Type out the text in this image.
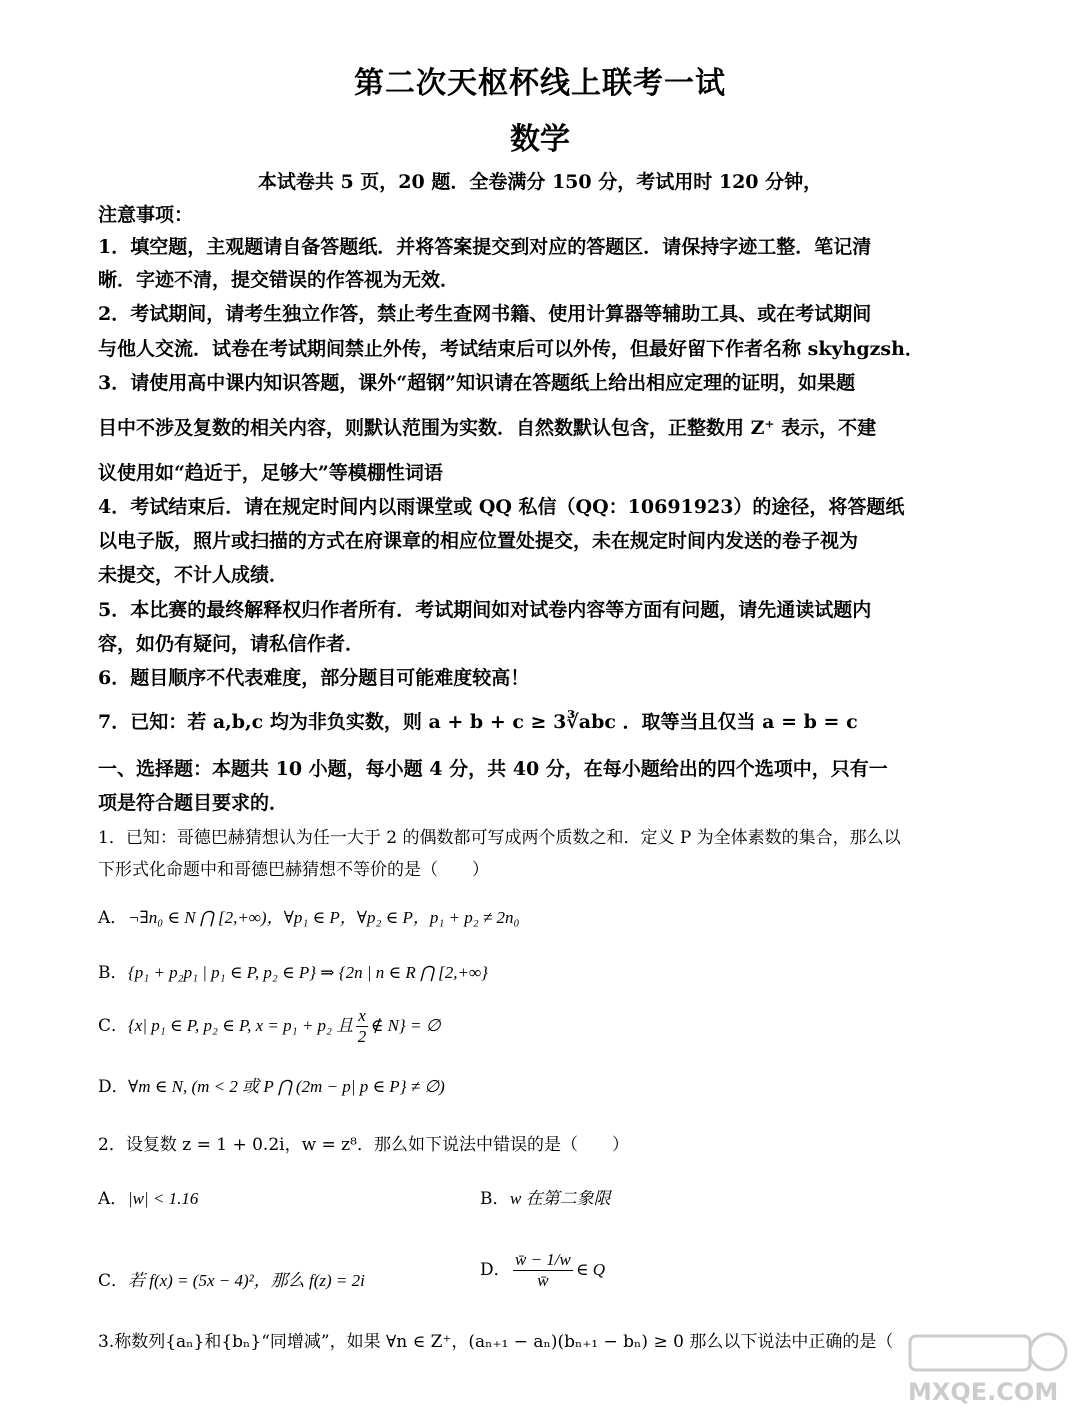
第二次天枢杯线上联考一试
数学
本试卷共 5 页，20 题．全卷满分 150 分，考试用时 120 分钟，
注意事项：
1．填空题，主观题请自备答题纸．并将答案提交到对应的答题区．请保持字迹工整．笔记清
晰．字迹不清，提交错误的作答视为无效．
2．考试期间，请考生独立作答，禁止考生查网书籍、使用计算器等辅助工具、或在考试期间
与他人交流．试卷在考试期间禁止外传，考试结束后可以外传，但最好留下作者名称 skyhgzsh．
3．请使用高中课内知识答题，课外“超钢”知识请在答题纸上给出相应定理的证明，如果题
目中不涉及复数的相关内容，则默认范围为实数．自然数默认包含，正整数用 Z⁺ 表示，不建
议使用如“趋近于，足够大”等模棚性词语
4．考试结束后．请在规定时间内以雨课堂或 QQ 私信（QQ：10691923）的途径，将答题纸
以电子版，照片或扫描的方式在府课章的相应位置处提交，未在规定时间内发送的卷子视为
未提交，不计人成绩．
5．本比赛的最终解释权归作者所有．考试期间如对试卷内容等方面有问题，请先通读试题内
容，如仍有疑问，请私信作者．
6．题目顺序不代表难度，部分题目可能难度较高！
7．已知：若 a,b,c 均为非负实数，则 a + b + c ≥ 3∛abc ．取等当且仅当 a = b = c
一、选择题：本题共 10 小题，每小题 4 分，共 40 分，在每小题给出的四个选项中，只有一
项是符合题目要求的．
1．已知：哥德巴赫猜想认为任一大于 2 的偶数都可写成两个质数之和．定义 P 为全体素数的集合，那么以
下形式化命题中和哥德巴赫猜想不等价的是（　　）
A．¬∃n₀ ∈ N ⋂ [2,+∞)，∀p₁ ∈ P，∀p₂ ∈ P，p₁ + p₂ ≠ 2n₀
B．{p₁ + p₂p₁ | p₁ ∈ P, p₂ ∈ P} ⇒ {2n | n ∈ R ⋂ [2,+∞}
C．{x| p₁ ∈ P, p₂ ∈ P, x = p₁ + p₂ 且 $\frac{x}{2}$ ∉ N} = ∅
D．∀m ∈ N, (m < 2 或 P ⋂ (2m − p| p ∈ P} ≠ ∅)
2．设复数 z = 1 + 0.2i，w = z⁸．那么如下说法中错误的是（　　）
A．|w| < 1.16	B．w 在第二象限
C．若 f(x) = (5x − 4)²，那么 f(z) = 2i
D． $\frac{w̄ - 1/w}{w̄}$ ∈ Q
3.称数列{aₙ}和{bₙ}“同增减”，如果 ∀n ∈ Z⁺，(aₙ₊₁ − aₙ)(bₙ₊₁ − bₙ) ≥ 0 那么以下说法中正确的是（
MXQE.COM
